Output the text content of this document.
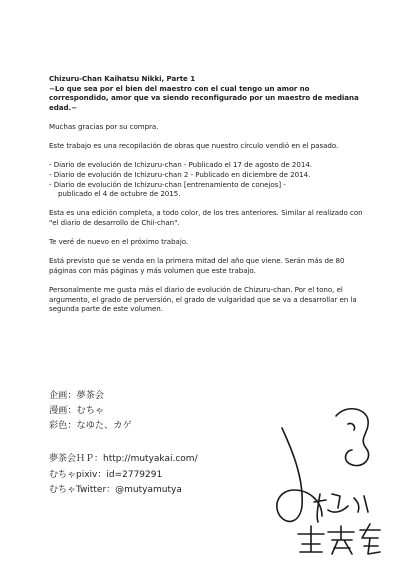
Chizuru-Chan Kaihatsu Nikki, Parte 1
~Lo que sea por el bien del maestro con el cual tengo un amor no correspondido, amor que va siendo reconfigurado por un maestro de mediana edad.~

Muchas gracias por su compra.

Este trabajo es una recopilación de obras que nuestro círculo vendió en el pasado.

- Diario de evolución de Ichizuru-chan - Publicado el 17 de agosto de 2014.
- Diario de evolución de Ichizuru-chan 2 - Publicado en diciembre de 2014.
- Diario de evolución de Ichizuru-chan [entrenamiento de conejos] -
publicado el 4 de octubre de 2015.

Esta es una edición completa, a todo color, de los tres anteriores. Similar al realizado con "el diario de desarrollo de Chii-chan".

Te veré de nuevo en el próximo trabajo.

Está previsto que se venda en la primera mitad del año que viene. Serán más de 80 páginas con más páginas y más volumen que este trabajo.

Personalmente me gusta más el diario de evolución de Chizuru-chan. Por el tono, el argumento, el grado de perversión, el grado de vulgaridad que se va a desarrollar en la segunda parte de este volumen.

企画：夢茶会
漫画：むちゃ
彩色：なゆた、カゲ
夢茶会ＨＰ：http://mutyakai.com/
むちゃpixiv：id=2779291
むちゃTwitter：@mutyamutya
